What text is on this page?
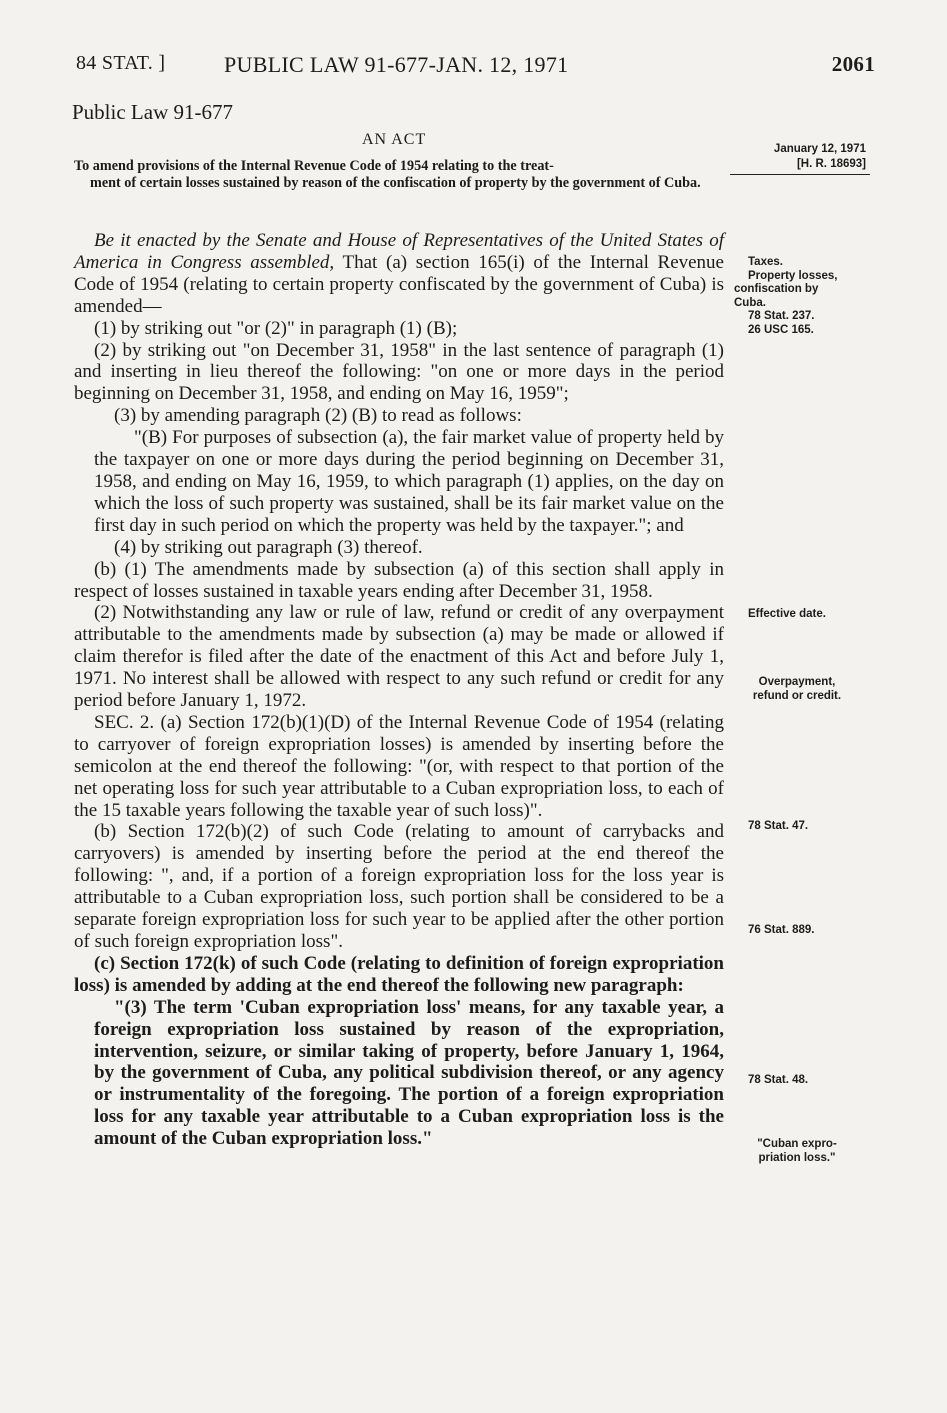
84 STAT. ]	PUBLIC LAW 91-677-JAN. 12, 1971	2061
Public Law 91-677
AN ACT
To amend provisions of the Internal Revenue Code of 1954 relating to the treat-
ment of certain losses sustained by reason of the confiscation of property by the government of Cuba.
January 12, 1971
[H. R. 18693]

Be it enacted by the Senate and House of Representatives of the United States of America in Congress assembled, That (a) section 165(i) of the Internal Revenue Code of 1954 (relating to certain property confiscated by the government of Cuba) is amended—

(1) by striking out "or (2)" in paragraph (1) (B);

(2) by striking out "on December 31, 1958" in the last sentence of paragraph (1) and inserting in lieu thereof the following: "on one or more days in the period beginning on December 31, 1958, and ending on May 16, 1959";

(3) by amending paragraph (2) (B) to read as follows:

"(B) For purposes of subsection (a), the fair market value of property held by the taxpayer on one or more days during the period beginning on December 31, 1958, and ending on May 16, 1959, to which paragraph (1) applies, on the day on which the loss of such property was sustained, shall be its fair market value on the first day in such period on which the property was held by the taxpayer."; and

(4) by striking out paragraph (3) thereof.

(b) (1) The amendments made by subsection (a) of this section shall apply in respect of losses sustained in taxable years ending after December 31, 1958.

(2) Notwithstanding any law or rule of law, refund or credit of any overpayment attributable to the amendments made by subsection (a) may be made or allowed if claim therefor is filed after the date of the enactment of this Act and before July 1, 1971. No interest shall be allowed with respect to any such refund or credit for any period before January 1, 1972.

SEC. 2. (a) Section 172(b)(1)(D) of the Internal Revenue Code of 1954 (relating to carryover of foreign expropriation losses) is amended by inserting before the semicolon at the end thereof the following: "(or, with respect to that portion of the net operating loss for such year attributable to a Cuban expropriation loss, to each of the 15 taxable years following the taxable year of such loss)".

(b) Section 172(b)(2) of such Code (relating to amount of carrybacks and carryovers) is amended by inserting before the period at the end thereof the following: ", and, if a portion of a foreign expropriation loss for the loss year is attributable to a Cuban expropriation loss, such portion shall be considered to be a separate foreign expropriation loss for such year to be applied after the other portion of such foreign expropriation loss".

(c) Section 172(k) of such Code (relating to definition of foreign expropriation loss) is amended by adding at the end thereof the following new paragraph:

"(3) The term 'Cuban expropriation loss' means, for any taxable year, a foreign expropriation loss sustained by reason of the expropriation, intervention, seizure, or similar taking of property, before January 1, 1964, by the government of Cuba, any political subdivision thereof, or any agency or instrumentality of the foregoing. The portion of a foreign expropriation loss for any taxable year attributable to a Cuban expropriation loss is the amount of the Cuban expropriation loss."

Taxes.
Property losses,
confiscation by
Cuba.
78 Stat. 237.
26 USC 165.
Effective date.
Overpayment,
refund or credit.
78 Stat. 47.
76 Stat. 889.
78 Stat. 48.
"Cuban expro-
priation loss."
